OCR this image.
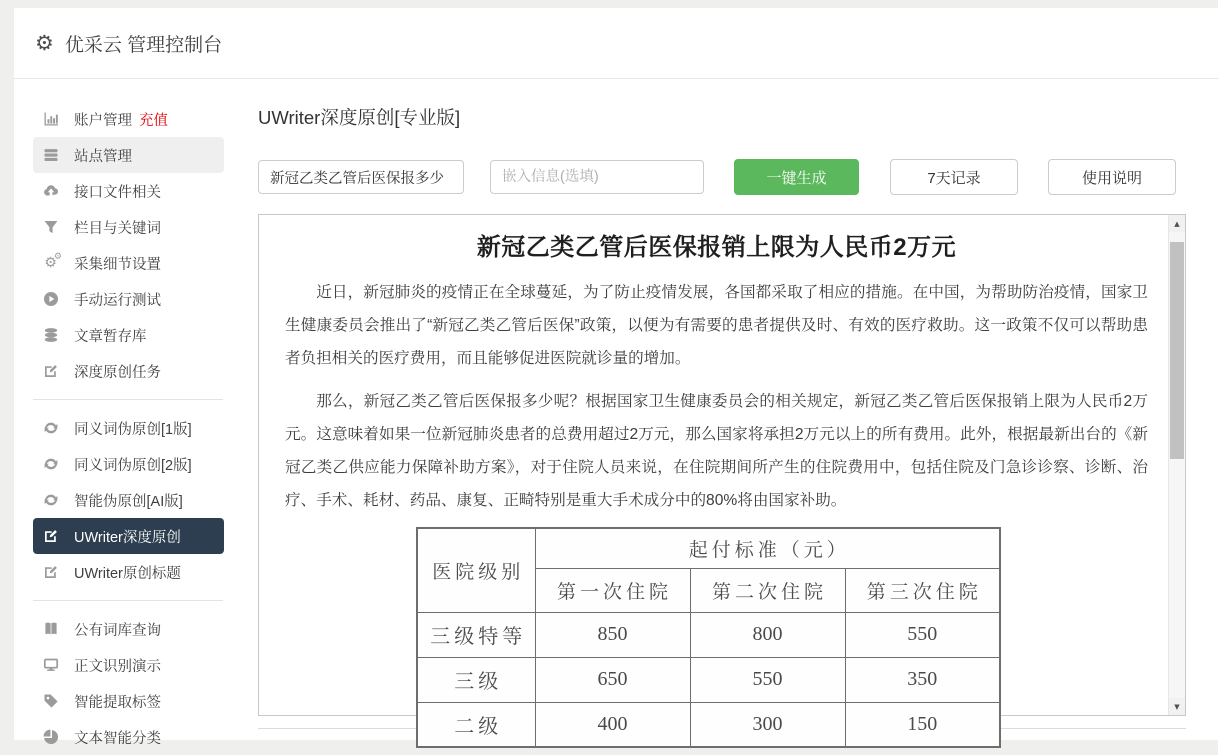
⚙ 优采云 管理控制台
账户管理 充值
站点管理
接口文件相关
栏目与关键词
⚙
⚙ 采集细节设置
手动运行测试
文章暂存库
深度原创任务
同义词伪原创[1版]
同义词伪原创[2版]
智能伪原创[AI版]
UWriter深度原创
UWriter原创标题
公有词库查询
正文识别演示
智能提取标签
文本智能分类
UWriter深度原创[专业版]
新冠乙类乙管后医保报多少
嵌入信息(选填)
一键生成	7天记录	使用说明
新冠乙类乙管后医保报销上限为人民币2万元

近日，新冠肺炎的疫情正在全球蔓延，为了防止疫情发展，各国都采取了相应的措施。在中国，为帮助防治疫情，国家卫生健康委员会推出了“新冠乙类乙管后医保”政策，以便为有需要的患者提供及时、有效的医疗救助。这一政策不仅可以帮助患者负担相关的医疗费用，而且能够促进医院就诊量的增加。

那么，新冠乙类乙管后医保报多少呢？根据国家卫生健康委员会的相关规定，新冠乙类乙管后医保报销上限为人民币2万元。这意味着如果一位新冠肺炎患者的总费用超过2万元，那么国家将承担2万元以上的所有费用。此外，根据最新出台的《新冠乙类乙供应能力保障补助方案》，对于住院人员来说，在住院期间所产生的住院费用中，包括住院及门急诊诊察、诊断、治疗、手术、耗材、药品、康复、正畸特别是重大手术成分中的80%将由国家补助。

医院级别	起付标准（元）		
	第一次住院	第二次住院	第三次住院
三级特等	850	800	550
三级	650	550	350
二级	400	300	150
▲
▼
